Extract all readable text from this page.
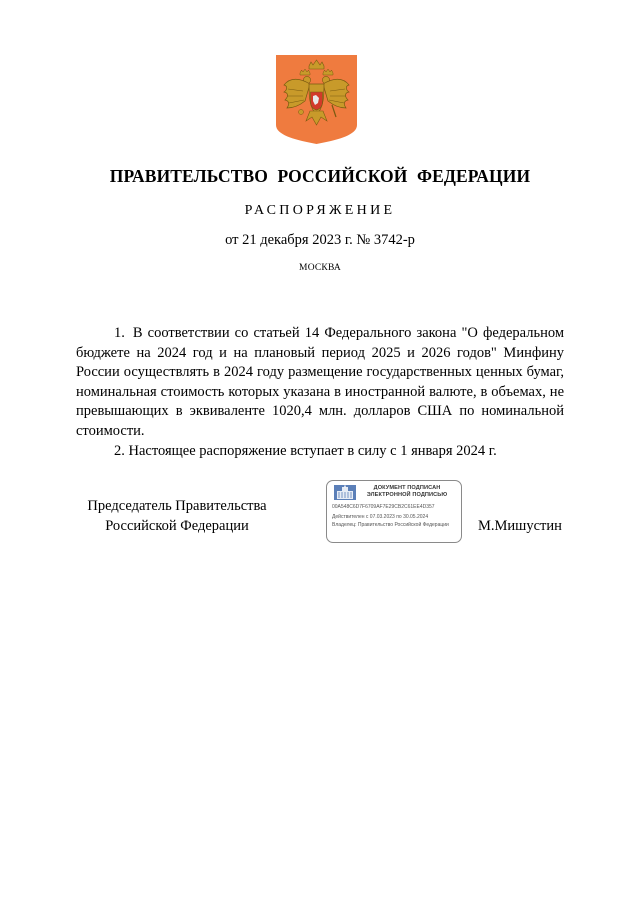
ПРАВИТЕЛЬСТВО РОССИЙСКОЙ ФЕДЕРАЦИИ
РАСПОРЯЖЕНИЕ
от 21 декабря 2023 г. № 3742-р
МОСКВА

1. В соответствии со статьей 14 Федерального закона "О федеральном бюджете на 2024 год и на плановый период 2025 и 2026 годов" Минфину России осуществлять в 2024 году размещение государственных ценных бумаг, номинальная стоимость которых указана в иностранной валюте, в объемах, не превышающих в эквиваленте 1020,4 млн. долларов США по номинальной стоимости.

2. Настоящее распоряжение вступает в силу с 1 января 2024 г.

Председатель Правительства
Российской Федерации
ДОКУМЕНТ ПОДПИСАН
ЭЛЕКТРОННОЙ ПОДПИСЬЮ
00A548C6D7F6709AF7E29CB2C61EE4D357
Действителен с 07.03.2023 по 30.05.2024
Владелец: Правительство Российской Федерации М.Мишустин
